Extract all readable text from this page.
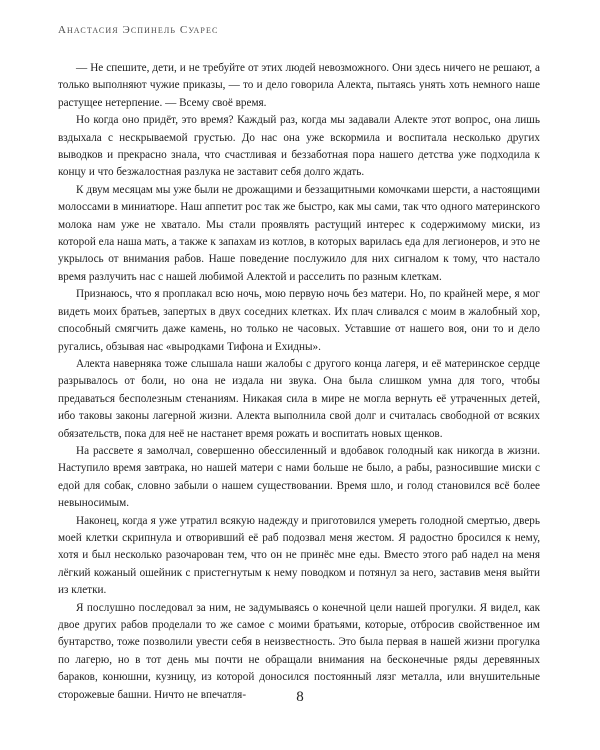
Анастасия Эспинель Суарес

— Не спешите, дети, и не требуйте от этих людей невозможного. Они здесь ничего не решают, а только выполняют чужие приказы, — то и дело говорила Алекта, пытаясь унять хоть немного наше растущее нетерпение. — Всему своё время.

Но когда оно придёт, это время? Каждый раз, когда мы задавали Алекте этот вопрос, она лишь вздыхала с нескрываемой грустью. До нас она уже вскормила и воспитала несколько других выводков и прекрасно знала, что счастливая и беззаботная пора нашего детства уже подходила к концу и что безжалостная разлука не заставит себя долго ждать.

К двум месяцам мы уже были не дрожащими и беззащитными комочками шерсти, а настоящими молоссами в миниатюре. Наш аппетит рос так же быстро, как мы сами, так что одного материнского молока нам уже не хватало. Мы стали проявлять растущий интерес к содержимому миски, из которой ела наша мать, а также к запахам из котлов, в которых варилась еда для легионеров, и это не укрылось от внимания рабов. Наше поведение послужило для них сигналом к тому, что настало время разлучить нас с нашей любимой Алектой и расселить по разным клеткам.

Признаюсь, что я проплакал всю ночь, мою первую ночь без матери. Но, по крайней мере, я мог видеть моих братьев, запертых в двух соседних клетках. Их плач сливался с моим в жалобный хор, способный смягчить даже камень, но только не часовых. Уставшие от нашего воя, они то и дело ругались, обзывая нас «выродками Тифона и Ехидны».

Алекта наверняка тоже слышала наши жалобы с другого конца лагеря, и её материнское сердце разрывалось от боли, но она не издала ни звука. Она была слишком умна для того, чтобы предаваться бесполезным стенаниям. Никакая сила в мире не могла вернуть её утраченных детей, ибо таковы законы лагерной жизни. Алекта выполнила свой долг и считалась свободной от всяких обязательств, пока для неё не настанет время рожать и воспитать новых щенков.

На рассвете я замолчал, совершенно обессиленный и вдобавок голодный как никогда в жизни. Наступило время завтрака, но нашей матери с нами больше не было, а рабы, разносившие миски с едой для собак, словно забыли о нашем существовании. Время шло, и голод становился всё более невыносимым.

Наконец, когда я уже утратил всякую надежду и приготовился умереть голодной смертью, дверь моей клетки скрипнула и отворивший её раб подозвал меня жестом. Я радостно бросился к нему, хотя и был несколько разочарован тем, что он не принёс мне еды. Вместо этого раб надел на меня лёгкий кожаный ошейник с пристегнутым к нему поводком и потянул за него, заставив меня выйти из клетки.

Я послушно последовал за ним, не задумываясь о конечной цели нашей прогулки. Я видел, как двое других рабов проделали то же самое с моими братьями, которые, отбросив свойственное им бунтарство, тоже позволили увести себя в неизвестность. Это была первая в нашей жизни прогулка по лагерю, но в тот день мы почти не обращали внимания на бесконечные ряды деревянных бараков, конюшни, кузницу, из которой доносился постоянный лязг металла, или внушительные сторожевые башни. Ничто не впечатля-	8
